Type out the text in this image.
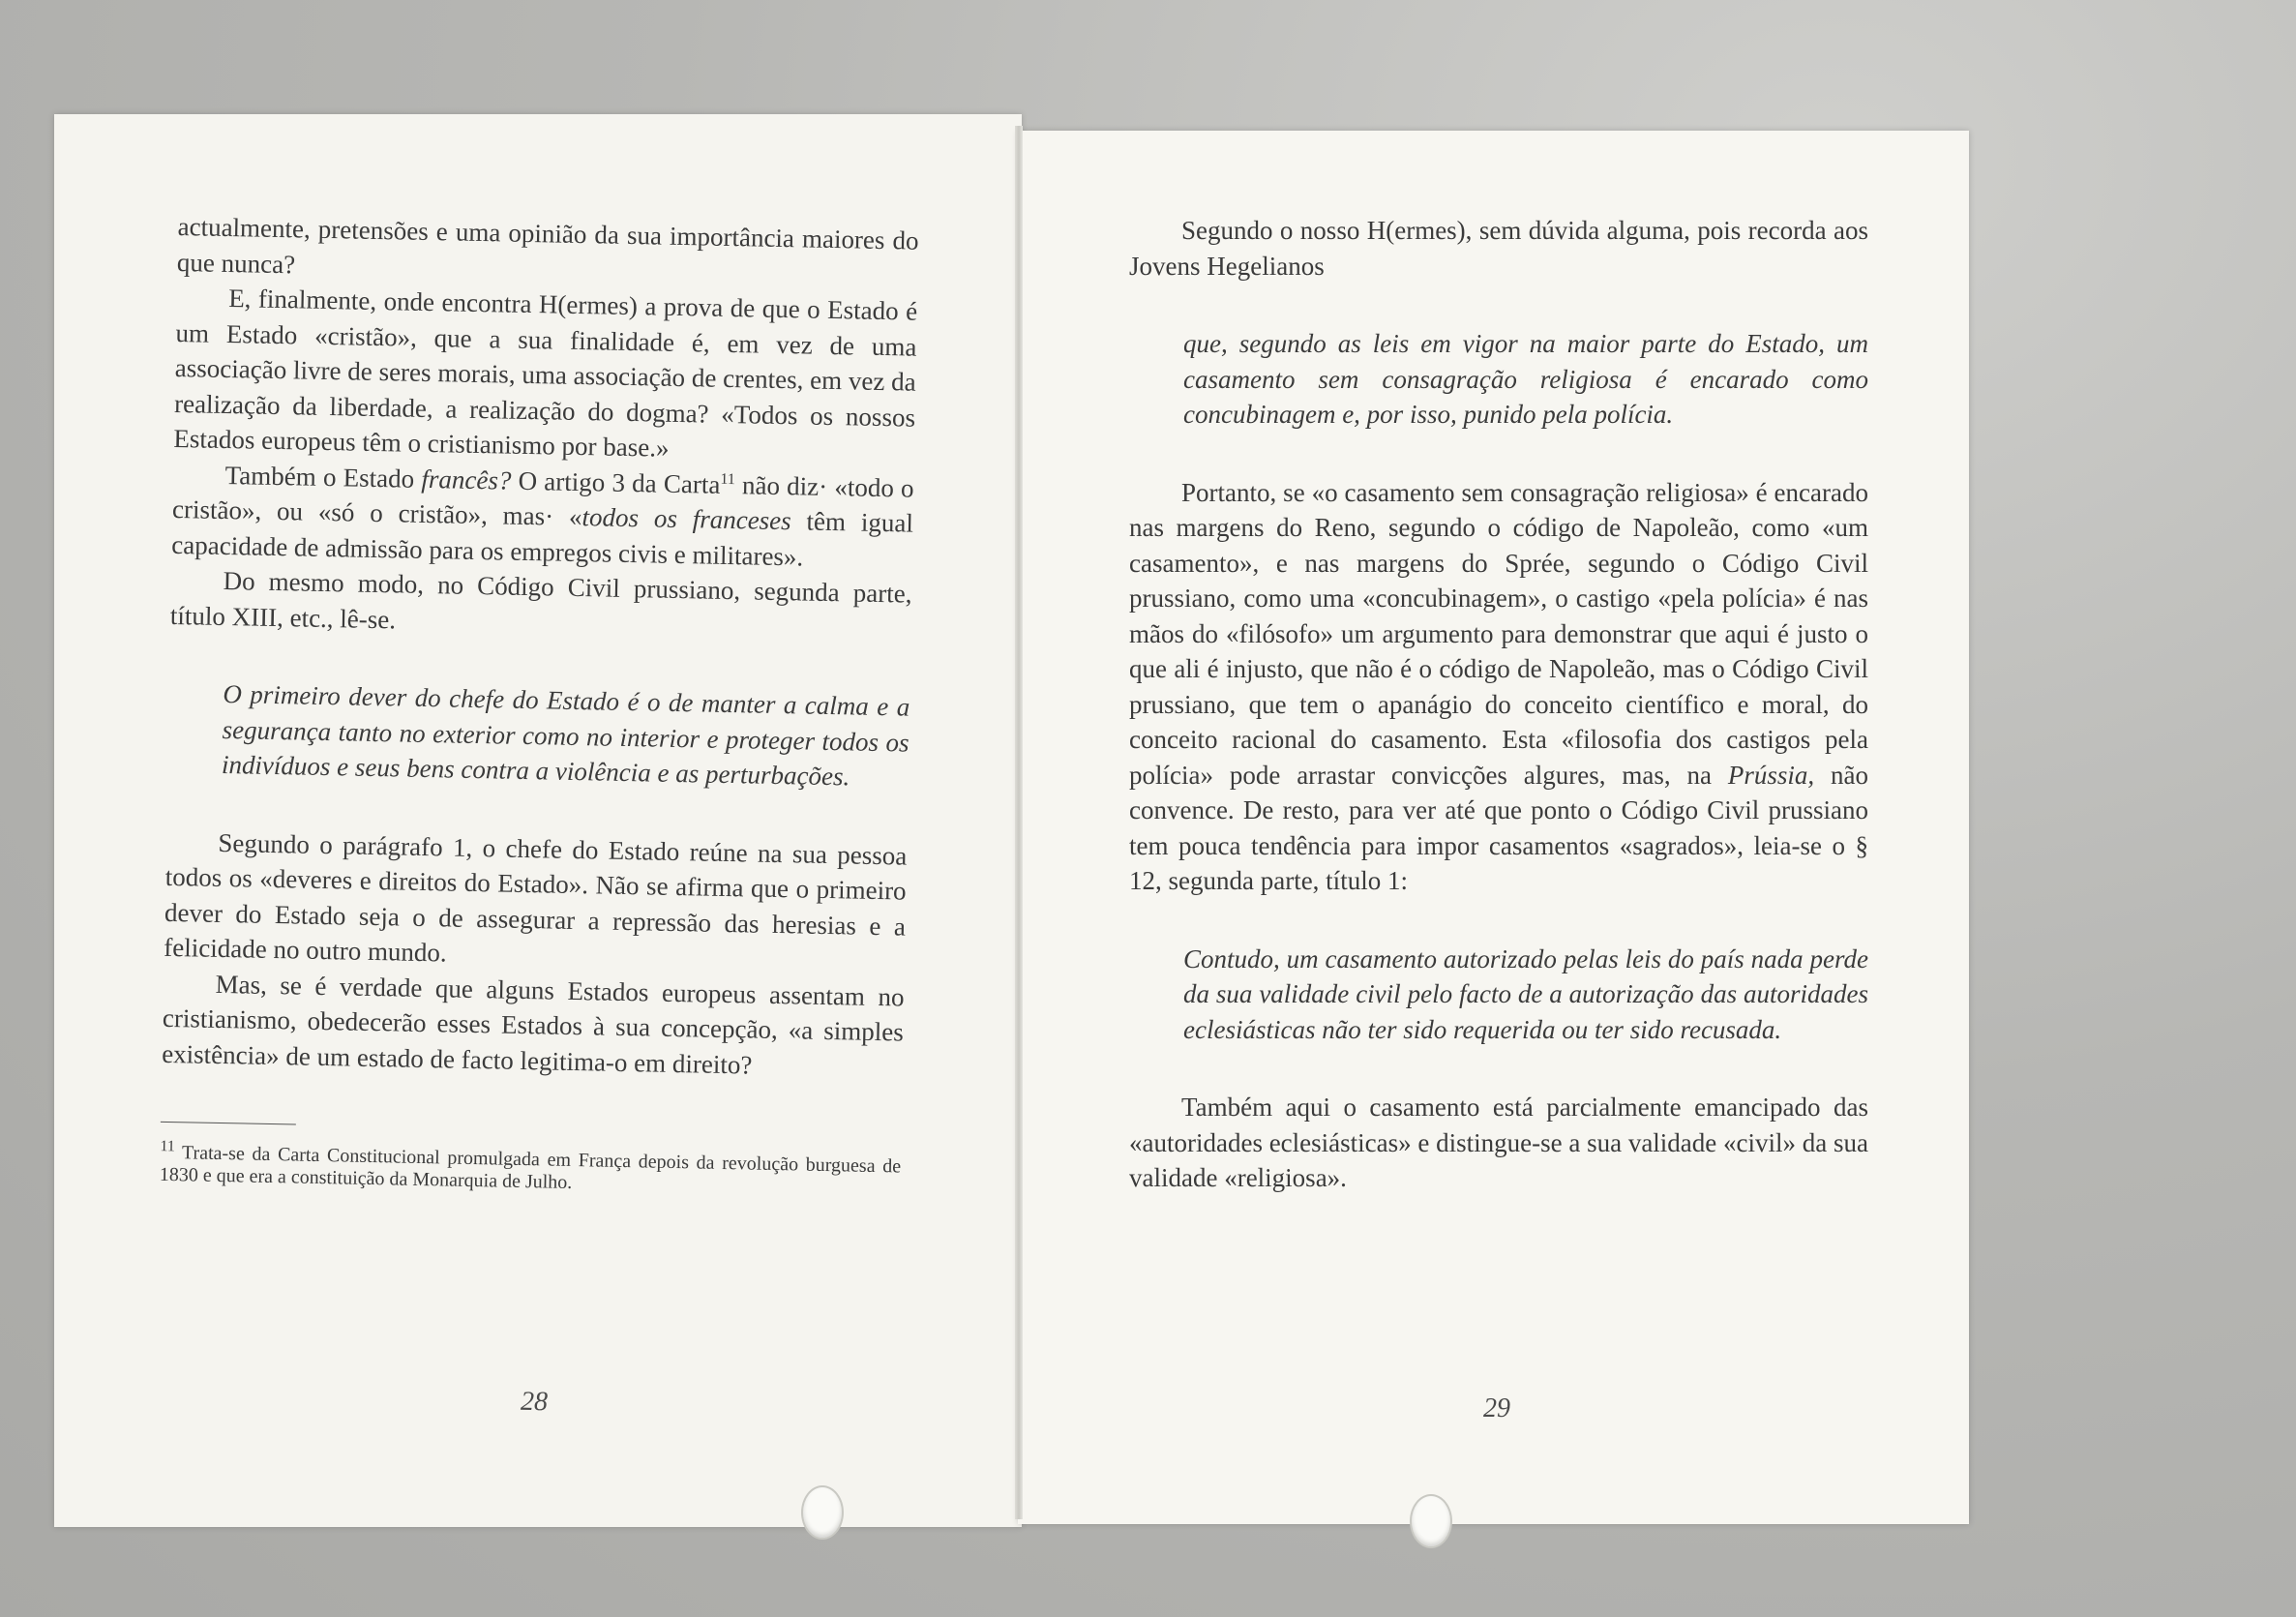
actualmente, pretensões e uma opinião da sua importância maiores do que nunca?

E, finalmente, onde encontra H(ermes) a prova de que o Estado é um Estado «cristão», que a sua finalidade é, em vez de uma associação livre de seres morais, uma associação de crentes, em vez da realização da liberdade, a realização do dogma? «Todos os nossos Estados europeus têm o cristianismo por base.»

Também o Estado francês? O artigo 3 da Carta$^{11}$ não diz· «todo o cristão», ou «só o cristão», mas· «todos os franceses têm igual capacidade de admissão para os empregos civis e militares».

Do mesmo modo, no Código Civil prussiano, segunda parte, título XIII, etc., lê-se.

O primeiro dever do chefe do Estado é o de manter a calma e a segurança tanto no exterior como no interior e proteger todos os indivíduos e seus bens contra a violência e as perturbações.

Segundo o parágrafo 1, o chefe do Estado reúne na sua pessoa todos os «deveres e direitos do Estado». Não se afirma que o primeiro dever do Estado seja o de assegurar a repressão das heresias e a felicidade no outro mundo.

Mas, se é verdade que alguns Estados europeus assentam no cristianismo, obedecerão esses Estados à sua concepção, «a simples existência» de um estado de facto legitima-o em direito?

$^{11}$ Trata-se da Carta Constitucional promulgada em França depois da revolução burguesa de 1830 e que era a constituição da Monarquia de Julho.

Segundo o nosso H(ermes), sem dúvida alguma, pois recorda aos Jovens Hegelianos

que, segundo as leis em vigor na maior parte do Estado, um casamento sem consagração religiosa é encarado como concubinagem e, por isso, punido pela polícia.

Portanto, se «o casamento sem consagração religiosa» é encarado nas margens do Reno, segundo o código de Napoleão, como «um casamento», e nas margens do Sprée, segundo o Código Civil prussiano, como uma «concubinagem», o castigo «pela polícia» é nas mãos do «filósofo» um argumento para demonstrar que aqui é justo o que ali é injusto, que não é o código de Napoleão, mas o Código Civil prussiano, que tem o apanágio do conceito científico e moral, do conceito racional do casamento. Esta «filosofia dos castigos pela polícia» pode arrastar convicções algures, mas, na Prússia, não convence. De resto, para ver até que ponto o Código Civil prussiano tem pouca tendência para impor casamentos «sagrados», leia-se o § 12, segunda parte, título 1:

Contudo, um casamento autorizado pelas leis do país nada perde da sua validade civil pelo facto de a autorização das autoridades eclesiásticas não ter sido requerida ou ter sido recusada.

Também aqui o casamento está parcialmente emancipado das «autoridades eclesiásticas» e distingue-se a sua validade «civil» da sua validade «religiosa».

28	29
